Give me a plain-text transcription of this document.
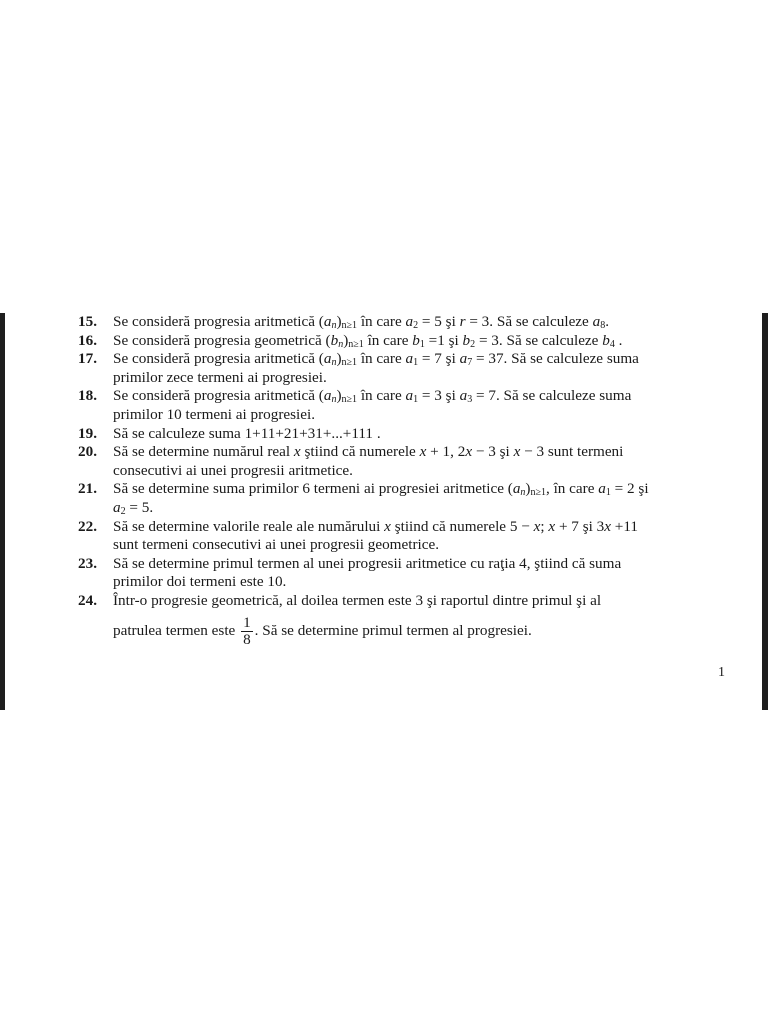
15.	Se consideră progresia aritmetică $(a_n)_{n\ge 1}$ în care $a_2 = 5$ şi r = 3. Să se calculeze $a_8$.
16.	Se consideră progresia geometrică $(b_n)_{n\ge 1}$ în care $b_1 =1$ şi $b_2 = 3$. Să se calculeze $b_4$ .
17.	Se consideră progresia aritmetică $(a_n)_{n\ge 1}$ în care $a_1 = 7$ şi $a_7 = 37$. Să se calculeze suma
primilor zece termeni ai progresiei.
18.	Se consideră progresia aritmetică $(a_n)_{n\ge 1}$ în care $a_1 = 3$ şi $a_3 = 7$. Să se calculeze suma
primilor 10 termeni ai progresiei.
19.	Să se calculeze suma 1+11+21+31+...+111 .
20.	Să se determine numărul real x ştiind că numerele x + 1, 2x − 3 şi x − 3 sunt termeni
consecutivi ai unei progresii aritmetice.
21.	Să se determine suma primilor 6 termeni ai progresiei aritmetice $(a_n)_{n\ge 1}$, în care $a_1 = 2$ şi
$a_2 = 5$.
22.	Să se determine valorile reale ale numărului x ştiind că numerele 5 − x; x + 7 şi 3x +11
sunt termeni consecutivi ai unei progresii geometrice.
23.	Să se determine primul termen al unei progresii aritmetice cu raţia 4, ştiind că suma
primilor doi termeni este 10.
24.	Într-o progresie geometrică, al doilea termen este 3 şi raportul dintre primul şi al
patrulea termen este $\frac{1}{8}$ . Să se determine primul termen al progresiei.
1
